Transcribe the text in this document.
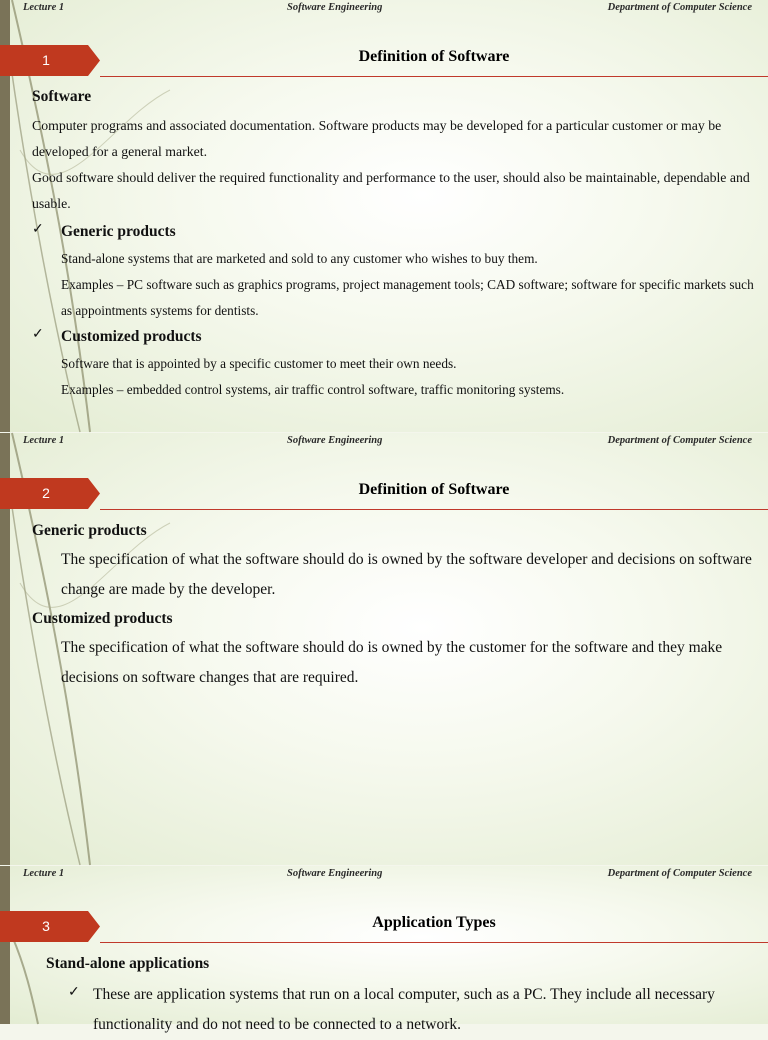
Lecture 1	Software Engineering	Department of Computer Science
1	Definition of Software
Software
Computer programs and associated documentation. Software products may be developed for a particular customer or may be developed for a general market.
Good software should deliver the required functionality and performance to the user, should also be maintainable, dependable and usable.
✓	Generic products
Stand-alone systems that are marketed and sold to any customer who wishes to buy them.
Examples – PC software such as graphics programs, project management tools; CAD software; software for specific markets such as appointments systems for dentists.
✓	Customized products
Software that is appointed by a specific customer to meet their own needs.
Examples – embedded control systems, air traffic control software, traffic monitoring systems.
Lecture 1	Software Engineering	Department of Computer Science
2	Definition of Software
Generic products
The specification of what the software should do is owned by the software developer and decisions on software change are made by the developer.
Customized products
The specification of what the software should do is owned by the customer for the software and they make decisions on software changes that are required.
Lecture 1	Software Engineering	Department of Computer Science
3	Application Types
Stand-alone applications
✓ These are application systems that run on a local computer, such as a PC. They include all necessary functionality and do not need to be connected to a network.
